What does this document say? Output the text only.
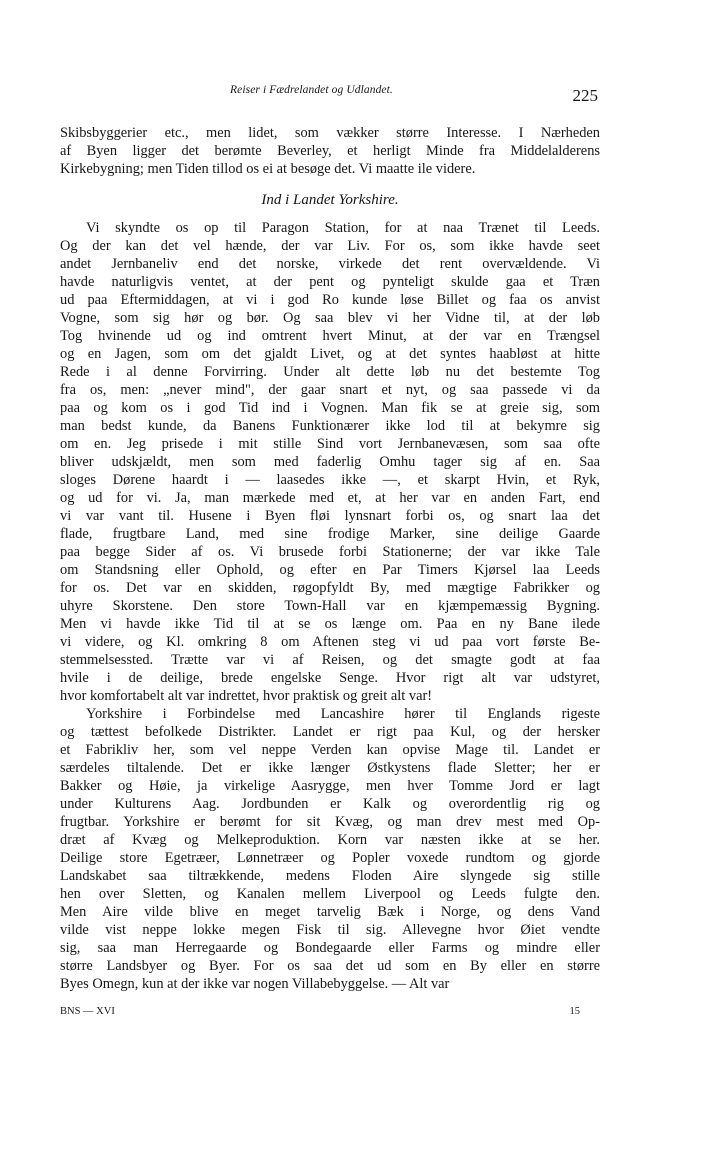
Reiser i Fædrelandet og Udlandet.	225
Skibsbyggerier etc., men lidet, som vækker større Interesse. I Nærheden
af Byen ligger det berømte Beverley, et herligt Minde fra Middelalderens
Kirkebygning; men Tiden tillod os ei at besøge det. Vi maatte ile videre.
Ind i Landet Yorkshire.
Vi skyndte os op til Paragon Station, for at naa Trænet til Leeds.
Og der kan det vel hænde, der var Liv. For os, som ikke havde seet
andet Jernbaneliv end det norske, virkede det rent overvældende. Vi
havde naturligvis ventet, at der pent og pynteligt skulde gaa et Træn
ud paa Eftermiddagen, at vi i god Ro kunde løse Billet og faa os anvist
Vogne, som sig hør og bør. Og saa blev vi her Vidne til, at der løb
Tog hvinende ud og ind omtrent hvert Minut, at der var en Trængsel
og en Jagen, som om det gjaldt Livet, og at det syntes haabløst at hitte
Rede i al denne Forvirring. Under alt dette løb nu det bestemte Tog
fra os, men: „never mind", der gaar snart et nyt, og saa passede vi da
paa og kom os i god Tid ind i Vognen. Man fik se at greie sig, som
man bedst kunde, da Banens Funktionærer ikke lod til at bekymre sig
om en. Jeg prisede i mit stille Sind vort Jernbanevæsen, som saa ofte
bliver udskjældt, men som med faderlig Omhu tager sig af en. Saa
sloges Dørene haardt i — laasedes ikke —, et skarpt Hvin, et Ryk,
og ud for vi. Ja, man mærkede med et, at her var en anden Fart, end
vi var vant til. Husene i Byen fløi lynsnart forbi os, og snart laa det
flade, frugtbare Land, med sine frodige Marker, sine deilige Gaarde
paa begge Sider af os. Vi brusede forbi Stationerne; der var ikke Tale
om Standsning eller Ophold, og efter en Par Timers Kjørsel laa Leeds
for os. Det var en skidden, røgopfyldt By, med mægtige Fabrikker og
uhyre Skorstene. Den store Town-Hall var en kjæmpemæssig Bygning.
Men vi havde ikke Tid til at se os længe om. Paa en ny Bane ilede
vi videre, og Kl. omkring 8 om Aftenen steg vi ud paa vort første Be-
stemmelsessted. Trætte var vi af Reisen, og det smagte godt at faa
hvile i de deilige, brede engelske Senge. Hvor rigt alt var udstyret,
hvor komfortabelt alt var indrettet, hvor praktisk og greit alt var!
Yorkshire i Forbindelse med Lancashire hører til Englands rigeste
og tættest befolkede Distrikter. Landet er rigt paa Kul, og der hersker
et Fabrikliv her, som vel neppe Verden kan opvise Mage til. Landet er
særdeles tiltalende. Det er ikke længer Østkystens flade Sletter; her er
Bakker og Høie, ja virkelige Aasrygge, men hver Tomme Jord er lagt
under Kulturens Aag. Jordbunden er Kalk og overordentlig rig og
frugtbar. Yorkshire er berømt for sit Kvæg, og man drev mest med Op-
dræt af Kvæg og Melkeproduktion. Korn var næsten ikke at se her.
Deilige store Egetræer, Lønnetræer og Popler voxede rundtom og gjorde
Landskabet saa tiltrækkende, medens Floden Aire slyngede sig stille
hen over Sletten, og Kanalen mellem Liverpool og Leeds fulgte den.
Men Aire vilde blive en meget tarvelig Bæk i Norge, og dens Vand
vilde vist neppe lokke megen Fisk til sig. Allevegne hvor Øiet vendte
sig, saa man Herregaarde og Bondegaarde eller Farms og mindre eller
større Landsbyer og Byer. For os saa det ud som en By eller en større
Byes Omegn, kun at der ikke var nogen Villabebyggelse. — Alt var
BNS — XVI	15
